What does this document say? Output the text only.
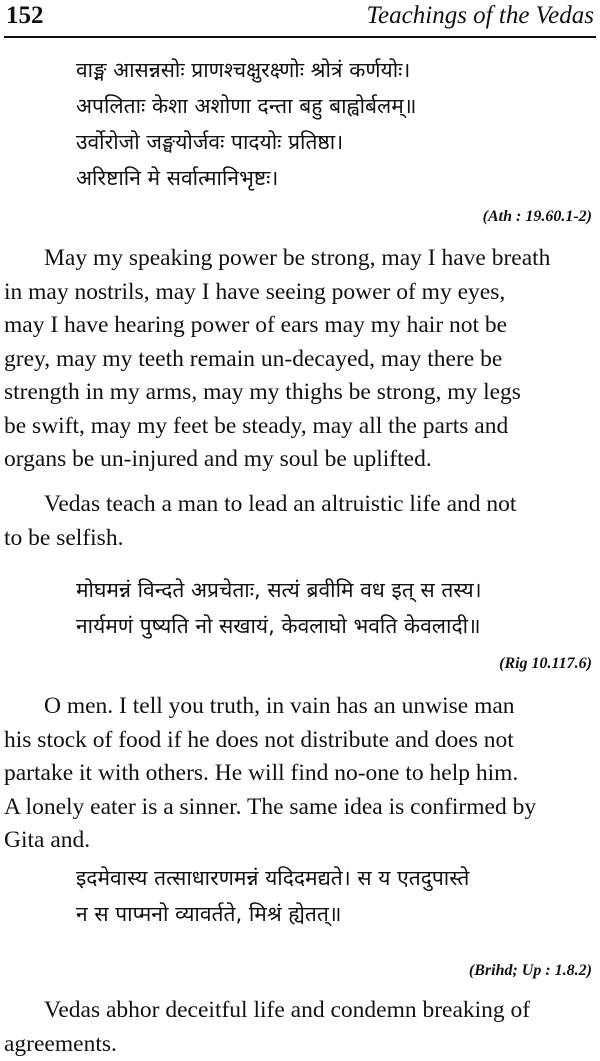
152	Teachings of the Vedas
वाङ्म आसन्नसोः प्राणश्चक्षुरक्ष्णोः श्रोत्रं कर्णयोः।
अपलिताः केशा अशोणा दन्ता बहु बाह्वोर्बलम्॥
उर्वोरोजो जङ्घयोर्जवः पादयोः प्रतिष्ठा।
अरिष्टानि मे सर्वात्मानिभृष्टः।
(Ath : 19.60.1-2)
May my speaking power be strong, may I have breath
in may nostrils, may I have seeing power of my eyes,
may I have hearing power of ears may my hair not be
grey, may my teeth remain un-decayed, may there be
strength in my arms, may my thighs be strong, my legs
be swift, may my feet be steady, may all the parts and
organs be un-injured and my soul be uplifted.
Vedas teach a man to lead an altruistic life and not
to be selfish.
मोघमन्नं विन्दते अप्रचेताः, सत्यं ब्रवीमि वध इत् स तस्य।
नार्यमणं पुष्यति नो सखायं, केवलाघो भवति केवलादी॥
(Rig 10.117.6)
O men. I tell you truth, in vain has an unwise man
his stock of food if he does not distribute and does not
partake it with others. He will find no-one to help him.
A lonely eater is a sinner. The same idea is confirmed by
Gita and.
इदमेवास्य तत्साधारणमन्नं यदिदमद्यते। स य एतदुपास्ते
न स पाप्मनो व्यावर्तते, मिश्रं ह्येतत्॥
(Brihd; Up : 1.8.2)
Vedas abhor deceitful life and condemn breaking of
agreements.
